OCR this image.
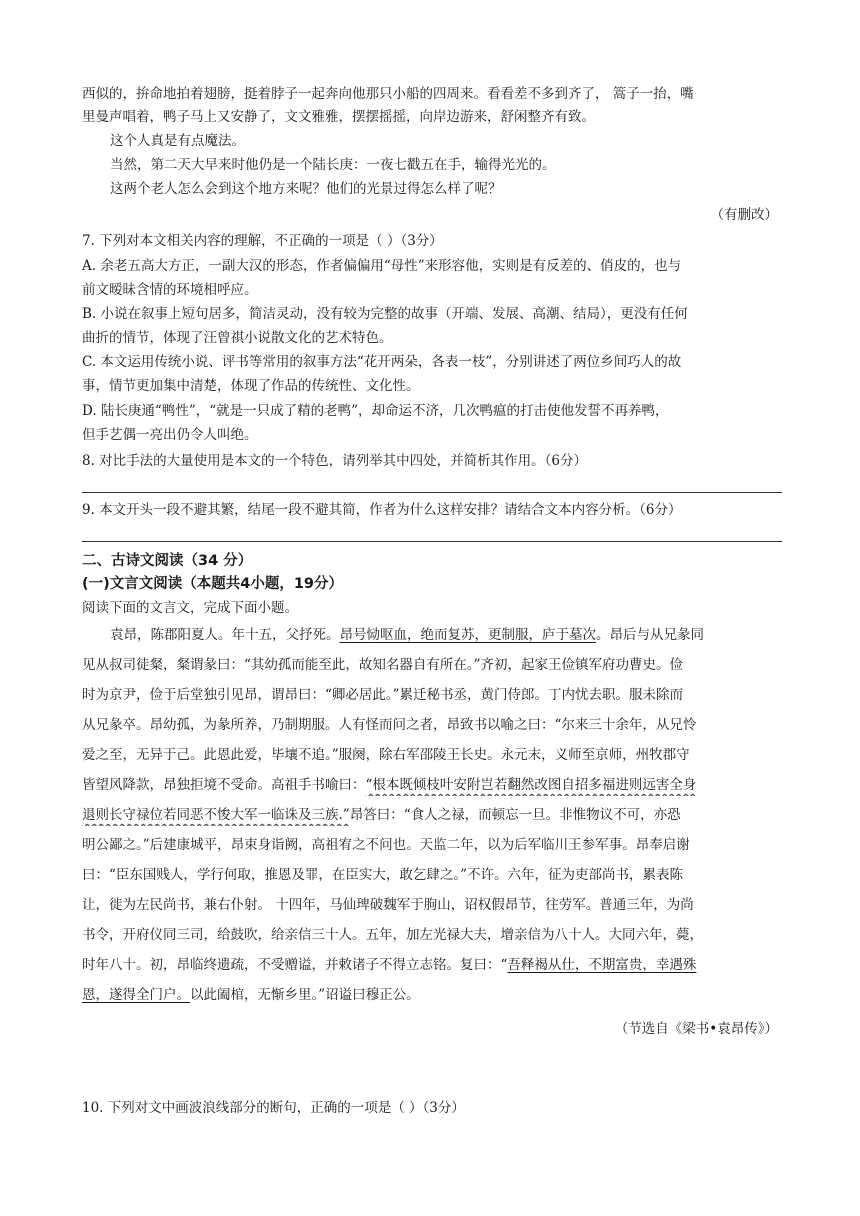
西似的，拚命地拍着翅膀，挺着脖子一起奔向他那只小船的四周来。看看差不多到齐了， 篙子一抬，嘴
里曼声唱着，鸭子马上又安静了，文文雅雅，摆摆摇摇，向岸边游来，舒闲整齐有致。
这个人真是有点魔法。
当然，第二天大早来时他仍是一个陆长庚：一夜七戳五在手，输得光光的。
这两个老人怎么会到这个地方来呢？他们的光景过得怎么样了呢？
（有删改）
7. 下列对本文相关内容的理解，不正确的一项是（ ）（3分）
A. 余老五高大方正，一副大汉的形态，作者偏偏用“母性”来形容他，实则是有反差的、俏皮的，也与
前文暧昧含情的环境相呼应。
B. 小说在叙事上短句居多，简洁灵动，没有较为完整的故事（开端、发展、高潮、结局），更没有任何
曲折的情节，体现了汪曾祺小说散文化的艺术特色。
C. 本文运用传统小说、评书等常用的叙事方法“花开两朵，各表一枝”，分别讲述了两位乡间巧人的故
事，情节更加集中清楚，体现了作品的传统性、文化性。
D. 陆长庚通“鸭性”，“就是一只成了精的老鸭”，却命运不济，几次鸭瘟的打击使他发誓不再养鸭，
但手艺偶一亮出仍令人叫绝。
8. 对比手法的大量使用是本文的一个特色，请列举其中四处，并简析其作用。（6分）
9. 本文开头一段不避其繁，结尾一段不避其简，作者为什么这样安排？请结合文本内容分析。（6分）
二、古诗文阅读（34 分）
(一)文言文阅读（本题共4小题，19分）
阅读下面的文言文，完成下面小题。
袁昂，陈郡阳夏人。年十五，父抒死。昂号恸呕血，绝而复苏，更制服，庐于墓次。昂后与从兄彖同
见从叔司徒粲，粲谓彖曰：“其幼孤而能至此，故知名器自有所在。”齐初，起家王俭镇军府功曹史。俭
时为京尹，俭于后堂独引见昂，谓昂曰：“卿必居此。”累迁秘书丞，黄门侍郎。丁内忧去职。服未除而
从兄彖卒。昂幼孤，为彖所养，乃制期服。人有怪而问之者，昂致书以喻之曰：“尔来三十余年，从兄怜
爱之至，无异于己。此恩此爱，毕壤不追。”服阕，除右军邵陵王长史。永元末，义师至京师，州牧郡守
皆望风降款，昂独拒境不受命。高祖手书喻曰：“根本既倾枝叶安附岂若翻然改图自招多福进则远害全身
退则长守禄位若同恶不悛大军一临诛及三族.”昂答曰：“食人之禄，而顿忘一旦。非惟物议不可，亦恐
明公鄙之。”后建康城平，昂束身诣阙，高祖宥之不问也。天监二年，以为后军临川王参军事。昂奉启谢
曰：“臣东国贱人，学行何取，推恩及罪，在臣实大，敢乞肆之。”不许。六年，征为吏部尚书，累表陈
让，徙为左民尚书，兼右仆射。 十四年，马仙琕破魏军于朐山，诏权假昂节，往劳军。普通三年，为尚
书令，开府仪同三司，给鼓吹，给亲信三十人。五年，加左光禄大夫，增亲信为八十人。大同六年，薨，
时年八十。初，昂临终遗疏，不受赠谥，并敕诸子不得立志铭。复曰：“吾释褐从仕，不期富贵，幸遇殊
恩，遂得全门户。以此阖棺，无惭乡里。”诏谥曰穆正公。
（节选自《梁书•袁昂传》）
10. 下列对文中画波浪线部分的断句，正确的一项是（ ）（3分）
